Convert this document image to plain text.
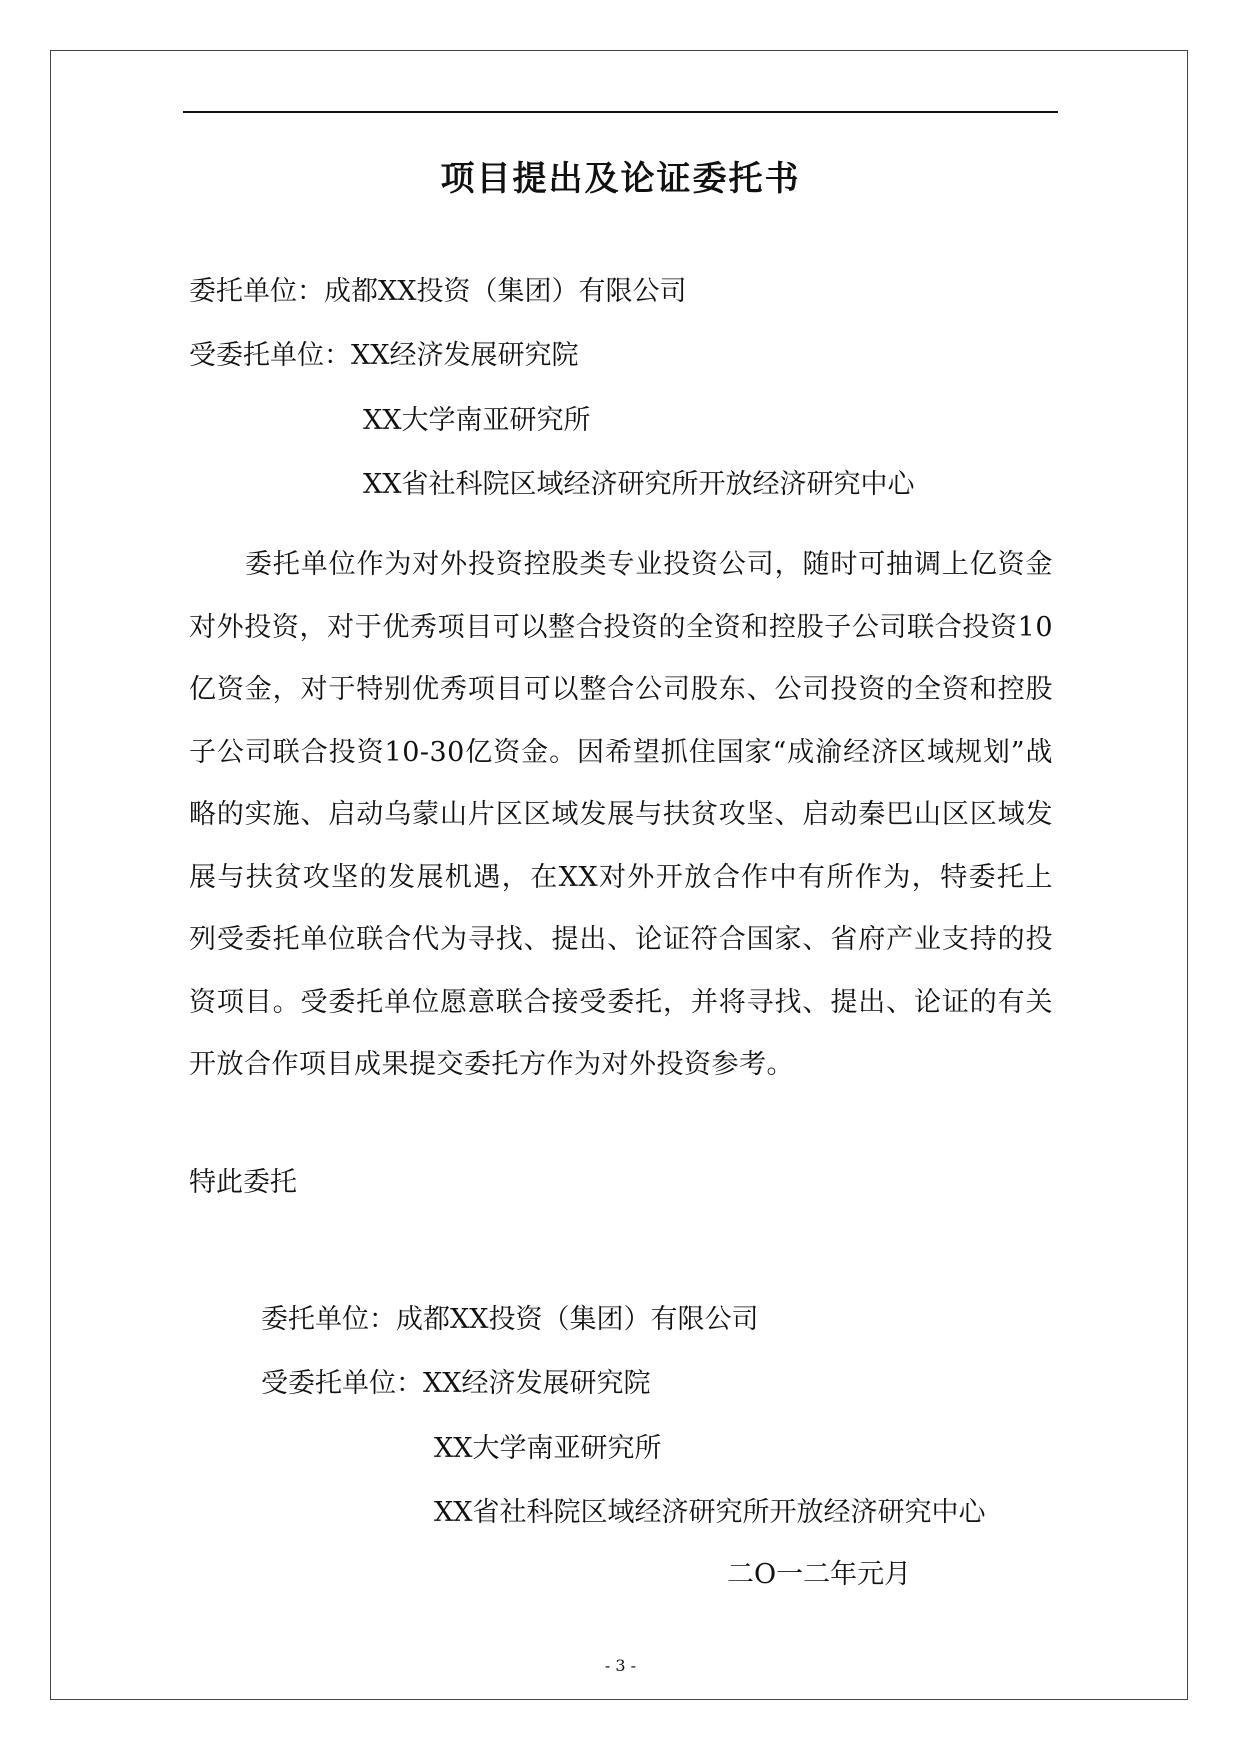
项目提出及论证委托书
委托单位：成都XX投资（集团）有限公司
受委托单位：XX经济发展研究院
XX大学南亚研究所
XX省社科院区域经济研究所开放经济研究中心
委托单位作为对外投资控股类专业投资公司，随时可抽调上亿资金对外投资，对于优秀项目可以整合投资的全资和控股子公司联合投资10亿资金，对于特别优秀项目可以整合公司股东、公司投资的全资和控股子公司联合投资10-30亿资金。因希望抓住国家“成渝经济区域规划”战略的实施、启动乌蒙山片区区域发展与扶贫攻坚、启动秦巴山区区域发展与扶贫攻坚的发展机遇，在XX对外开放合作中有所作为，特委托上列受委托单位联合代为寻找、提出、论证符合国家、省府产业支持的投资项目。受委托单位愿意联合接受委托，并将寻找、提出、论证的有关开放合作项目成果提交委托方作为对外投资参考。
特此委托
委托单位：成都XX投资（集团）有限公司
受委托单位：XX经济发展研究院
XX大学南亚研究所
XX省社科院区域经济研究所开放经济研究中心
二O一二年元月
- 3 -
